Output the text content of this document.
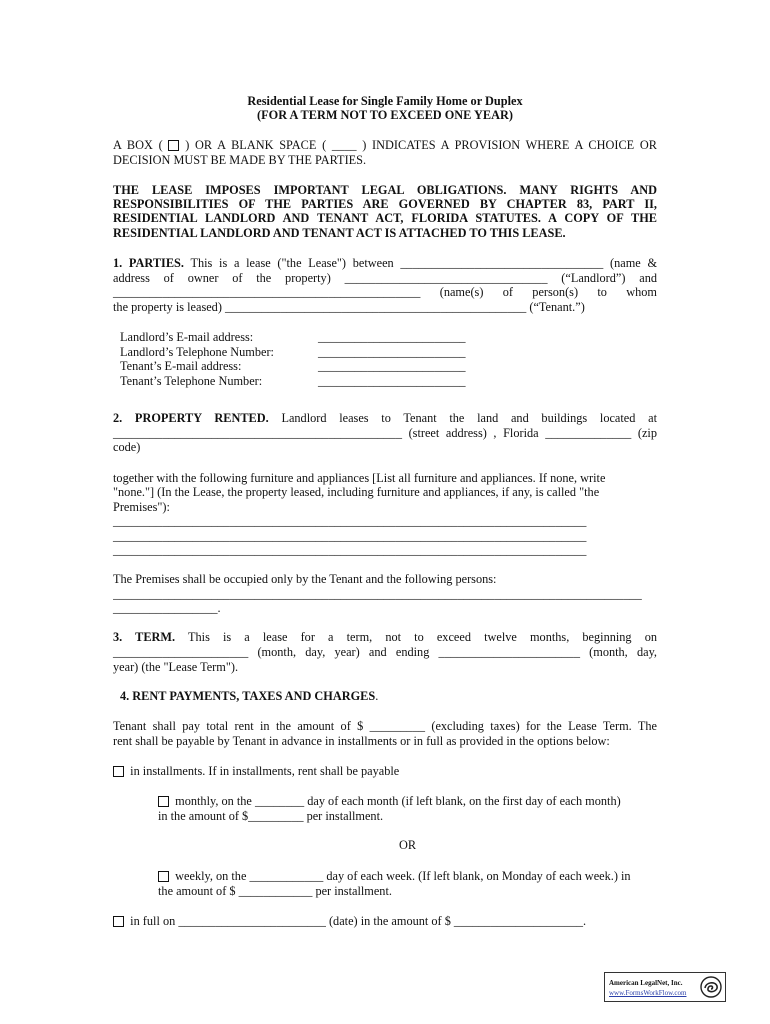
Residential Lease for Single Family Home or Duplex
(FOR A TERM NOT TO EXCEED ONE YEAR)
A BOX ( ) OR A BLANK SPACE ( ____ ) INDICATES A PROVISION WHERE A CHOICE OR
DECISION MUST BE MADE BY THE PARTIES.
THE LEASE IMPOSES IMPORTANT LEGAL OBLIGATIONS. MANY RIGHTS AND
RESPONSIBILITIES OF THE PARTIES ARE GOVERNED BY CHAPTER 83, PART II,
RESIDENTIAL LANDLORD AND TENANT ACT, FLORIDA STATUTES. A COPY OF THE
RESIDENTIAL LANDLORD AND TENANT ACT IS ATTACHED TO THIS LEASE.
1. PARTIES. This is a lease ("the Lease") between _________________________________ (name &
address of owner of the property) _________________________________ (“Landlord”) and
__________________________________________________ (name(s) of person(s) to whom
the property is leased) _________________________________________________ (“Tenant.”)
Landlord’s E-mail address:	________________________
Landlord’s Telephone Number:	________________________
Tenant’s E-mail address:	________________________
Tenant’s Telephone Number:	________________________
2. PROPERTY RENTED. Landlord leases to Tenant the land and buildings located at
_______________________________________________ (street address) , Florida ______________ (zip
code)
together with the following furniture and appliances [List all furniture and appliances. If none, write
"none."] (In the Lease, the property leased, including furniture and appliances, if any, is called "the
Premises"):
_____________________________________________________________________________
_____________________________________________________________________________
_____________________________________________________________________________
The Premises shall be occupied only by the Tenant and the following persons:
______________________________________________________________________________________
_________________.
3. TERM. This is a lease for a term, not to exceed twelve months, beginning on
______________________ (month, day, year) and ending _______________________ (month, day,
year) (the "Lease Term").
4. RENT PAYMENTS, TAXES AND CHARGES.
Tenant shall pay total rent in the amount of $ _________ (excluding taxes) for the Lease Term. The
rent shall be payable by Tenant in advance in installments or in full as provided in the options below:
in installments. If in installments, rent shall be payable
monthly, on the ________ day of each month (if left blank, on the first day of each month)
in the amount of $_________ per installment.
OR
weekly, on the ____________ day of each week. (If left blank, on Monday of each week.) in
the amount of $ ____________ per installment.
in full on ________________________ (date) in the amount of $ _____________________.
American LegalNet, Inc.
www.FormsWorkFlow.com
